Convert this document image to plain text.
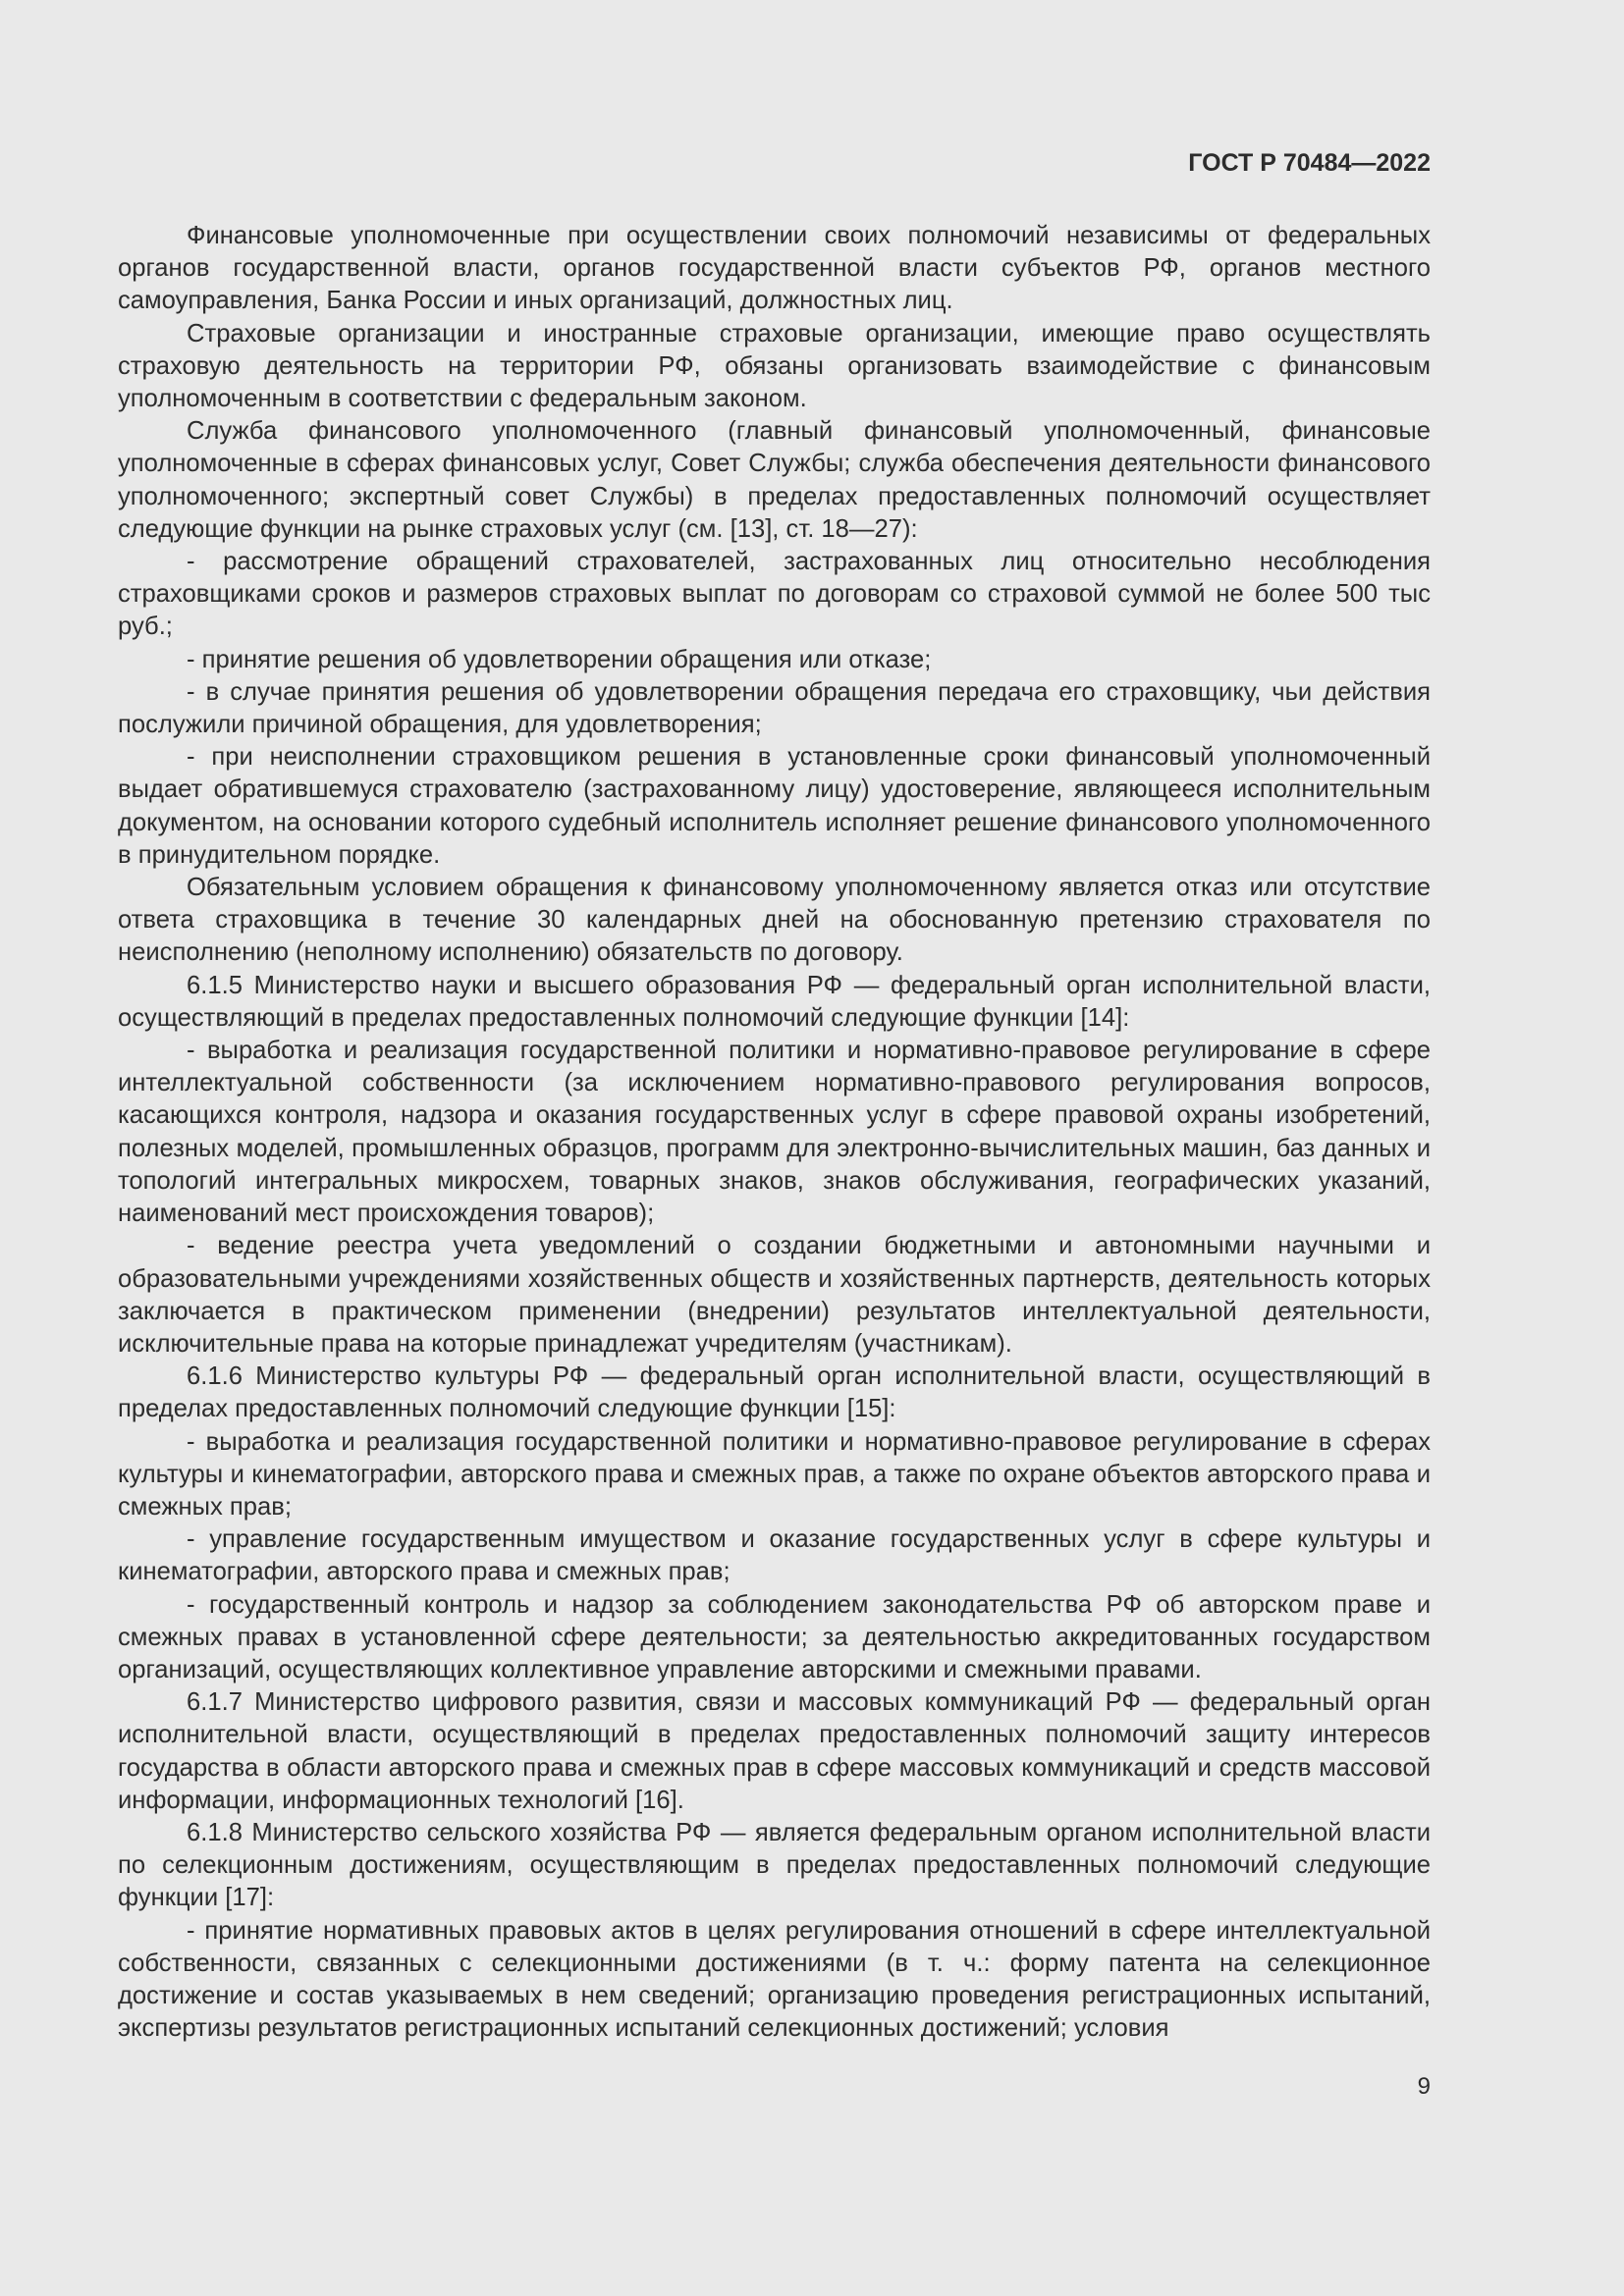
ГОСТ Р 70484—2022

Финансовые уполномоченные при осуществлении своих полномочий независимы от федеральных органов государственной власти, органов государственной власти субъектов РФ, органов местного самоуправления, Банка России и иных организаций, должностных лиц.

Страховые организации и иностранные страховые организации, имеющие право осуществлять страховую деятельность на территории РФ, обязаны организовать взаимодействие с финансовым уполномоченным в соответствии с федеральным законом.

Служба финансового уполномоченного (главный финансовый уполномоченный, финансовые уполномоченные в сферах финансовых услуг, Совет Службы; служба обеспечения деятельности финансового уполномоченного; экспертный совет Службы) в пределах предоставленных полномочий осуществляет следующие функции на рынке страховых услуг (см. [13], ст. 18—27):

- рассмотрение обращений страхователей, застрахованных лиц относительно несоблюдения страховщиками сроков и размеров страховых выплат по договорам со страховой суммой не более 500 тыс руб.;

- принятие решения об удовлетворении обращения или отказе;

- в случае принятия решения об удовлетворении обращения передача его страховщику, чьи действия послужили причиной обращения, для удовлетворения;

- при неисполнении страховщиком решения в установленные сроки финансовый уполномоченный выдает обратившемуся страхователю (застрахованному лицу) удостоверение, являющееся исполнительным документом, на основании которого судебный исполнитель исполняет решение финансового уполномоченного в принудительном порядке.

Обязательным условием обращения к финансовому уполномоченному является отказ или отсутствие ответа страховщика в течение 30 календарных дней на обоснованную претензию страхователя по неисполнению (неполному исполнению) обязательств по договору.

6.1.5 Министерство науки и высшего образования РФ — федеральный орган исполнительной власти, осуществляющий в пределах предоставленных полномочий следующие функции [14]:

- выработка и реализация государственной политики и нормативно-правовое регулирование в сфере интеллектуальной собственности (за исключением нормативно-правового регулирования вопросов, касающихся контроля, надзора и оказания государственных услуг в сфере правовой охраны изобретений, полезных моделей, промышленных образцов, программ для электронно-вычислительных машин, баз данных и топологий интегральных микросхем, товарных знаков, знаков обслуживания, географических указаний, наименований мест происхождения товаров);

- ведение реестра учета уведомлений о создании бюджетными и автономными научными и образовательными учреждениями хозяйственных обществ и хозяйственных партнерств, деятельность которых заключается в практическом применении (внедрении) результатов интеллектуальной деятельности, исключительные права на которые принадлежат учредителям (участникам).

6.1.6 Министерство культуры РФ — федеральный орган исполнительной власти, осуществляющий в пределах предоставленных полномочий следующие функции [15]:

- выработка и реализация государственной политики и нормативно-правовое регулирование в сферах культуры и кинематографии, авторского права и смежных прав, а также по охране объектов авторского права и смежных прав;

- управление государственным имуществом и оказание государственных услуг в сфере культуры и кинематографии, авторского права и смежных прав;

- государственный контроль и надзор за соблюдением законодательства РФ об авторском праве и смежных правах в установленной сфере деятельности; за деятельностью аккредитованных государством организаций, осуществляющих коллективное управление авторскими и смежными правами.

6.1.7 Министерство цифрового развития, связи и массовых коммуникаций РФ — федеральный орган исполнительной власти, осуществляющий в пределах предоставленных полномочий защиту интересов государства в области авторского права и смежных прав в сфере массовых коммуникаций и средств массовой информации, информационных технологий [16].

6.1.8 Министерство сельского хозяйства РФ — является федеральным органом исполнительной власти по селекционным достижениям, осуществляющим в пределах предоставленных полномочий следующие функции [17]:

- принятие нормативных правовых актов в целях регулирования отношений в сфере интеллектуальной собственности, связанных с селекционными достижениями (в т. ч.: форму патента на селекционное достижение и состав указываемых в нем сведений; организацию проведения регистрационных испытаний, экспертизы результатов регистрационных испытаний селекционных достижений; условия

9
